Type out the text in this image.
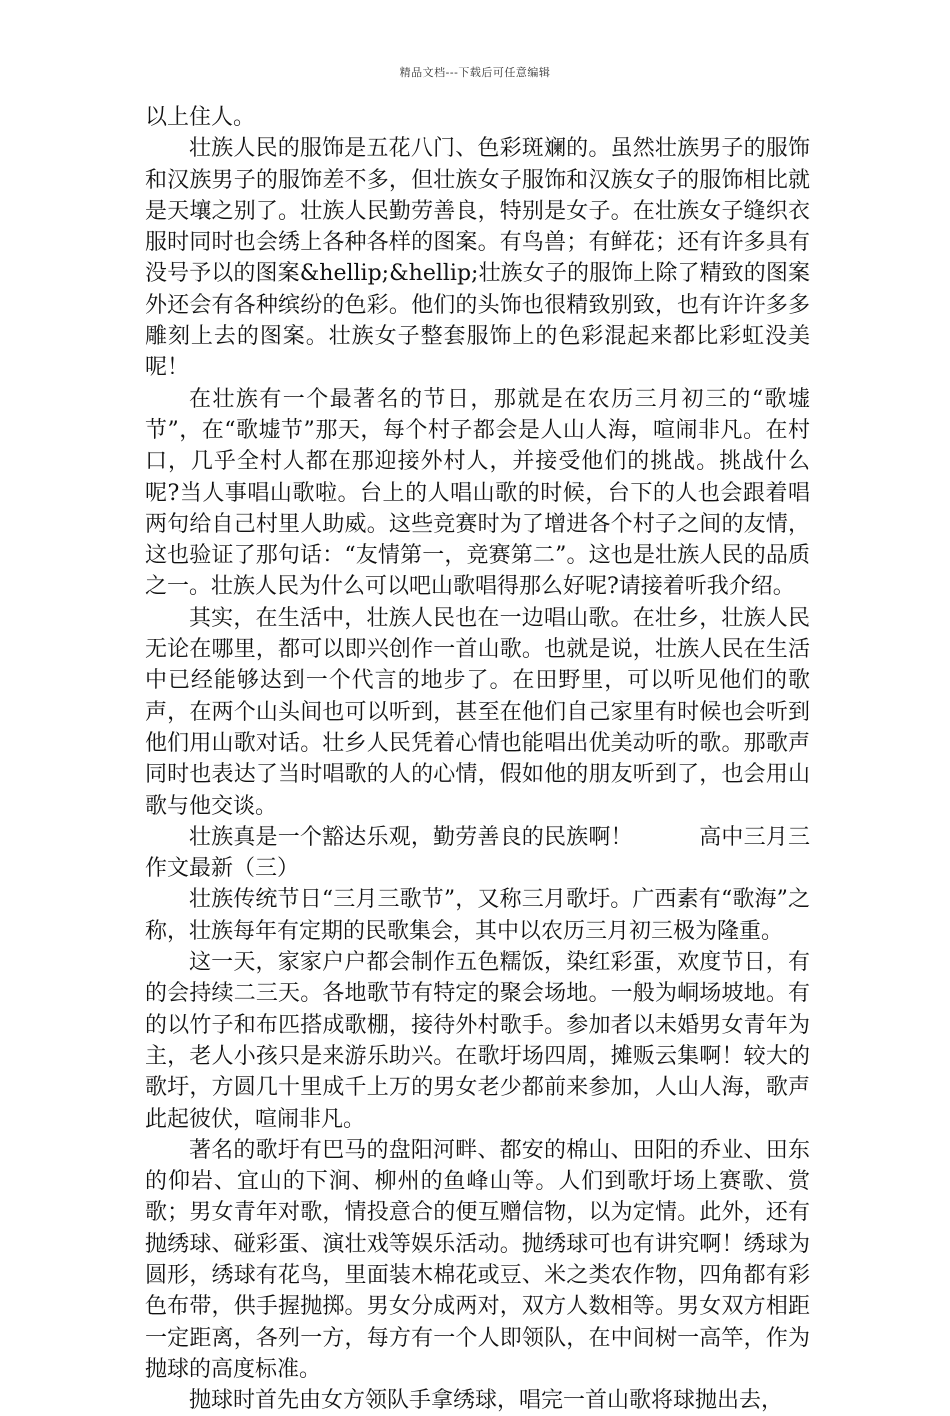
精品文档---下载后可任意编辑

以上住人。

壮族人民的服饰是五花八门、色彩斑斓的。虽然壮族男子的服饰和汉族男子的服饰差不多，但壮族女子服饰和汉族女子的服饰相比就是天壤之别了。壮族人民勤劳善良，特别是女子。在壮族女子缝织衣服时同时也会绣上各种各样的图案。有鸟兽；有鲜花；还有许多具有没号予以的图案&hellip;&hellip;壮族女子的服饰上除了精致的图案外还会有各种缤纷的色彩。他们的头饰也很精致别致，也有许许多多雕刻上去的图案。壮族女子整套服饰上的色彩混起来都比彩虹没美呢！

在壮族有一个最著名的节日，那就是在农历三月初三的“歌墟节”，在“歌墟节”那天，每个村子都会是人山人海，喧闹非凡。在村口，几乎全村人都在那迎接外村人，并接受他们的挑战。挑战什么呢?当人事唱山歌啦。台上的人唱山歌的时候，台下的人也会跟着唱两句给自己村里人助威。这些竞赛时为了增进各个村子之间的友情，这也验证了那句话：“友情第一，竞赛第二”。这也是壮族人民的品质之一。壮族人民为什么可以吧山歌唱得那么好呢?请接着听我介绍。

其实，在生活中，壮族人民也在一边唱山歌。在壮乡，壮族人民无论在哪里，都可以即兴创作一首山歌。也就是说，壮族人民在生活中已经能够达到一个代言的地步了。在田野里，可以听见他们的歌声，在两个山头间也可以听到，甚至在他们自己家里有时候也会听到他们用山歌对话。壮乡人民凭着心情也能唱出优美动听的歌。那歌声同时也表达了当时唱歌的人的心情，假如他的朋友听到了，也会用山歌与他交谈。

壮族真是一个豁达乐观，勤劳善良的民族啊！　　　高中三月三作文最新（三）

壮族传统节日“三月三歌节”，又称三月歌圩。广西素有“歌海”之称，壮族每年有定期的民歌集会，其中以农历三月初三极为隆重。

这一天，家家户户都会制作五色糯饭，染红彩蛋，欢度节日，有的会持续二三天。各地歌节有特定的聚会场地。一般为峒场坡地。有的以竹子和布匹搭成歌棚，接待外村歌手。参加者以未婚男女青年为主，老人小孩只是来游乐助兴。在歌圩场四周，摊贩云集啊！较大的歌圩，方圆几十里成千上万的男女老少都前来参加，人山人海，歌声此起彼伏，喧闹非凡。

著名的歌圩有巴马的盘阳河畔、都安的棉山、田阳的乔业、田东的仰岩、宜山的下涧、柳州的鱼峰山等。人们到歌圩场上赛歌、赏歌；男女青年对歌，情投意合的便互赠信物，以为定情。此外，还有抛绣球、碰彩蛋、演壮戏等娱乐活动。抛绣球可也有讲究啊！绣球为圆形，绣球有花鸟，里面装木棉花或豆、米之类农作物，四角都有彩色布带，供手握抛掷。男女分成两对，双方人数相等。男女双方相距一定距离，各列一方，每方有一个人即领队，在中间树一高竿，作为抛球的高度标准。

抛球时首先由女方领队手拿绣球，唱完一首山歌将球抛出去，
